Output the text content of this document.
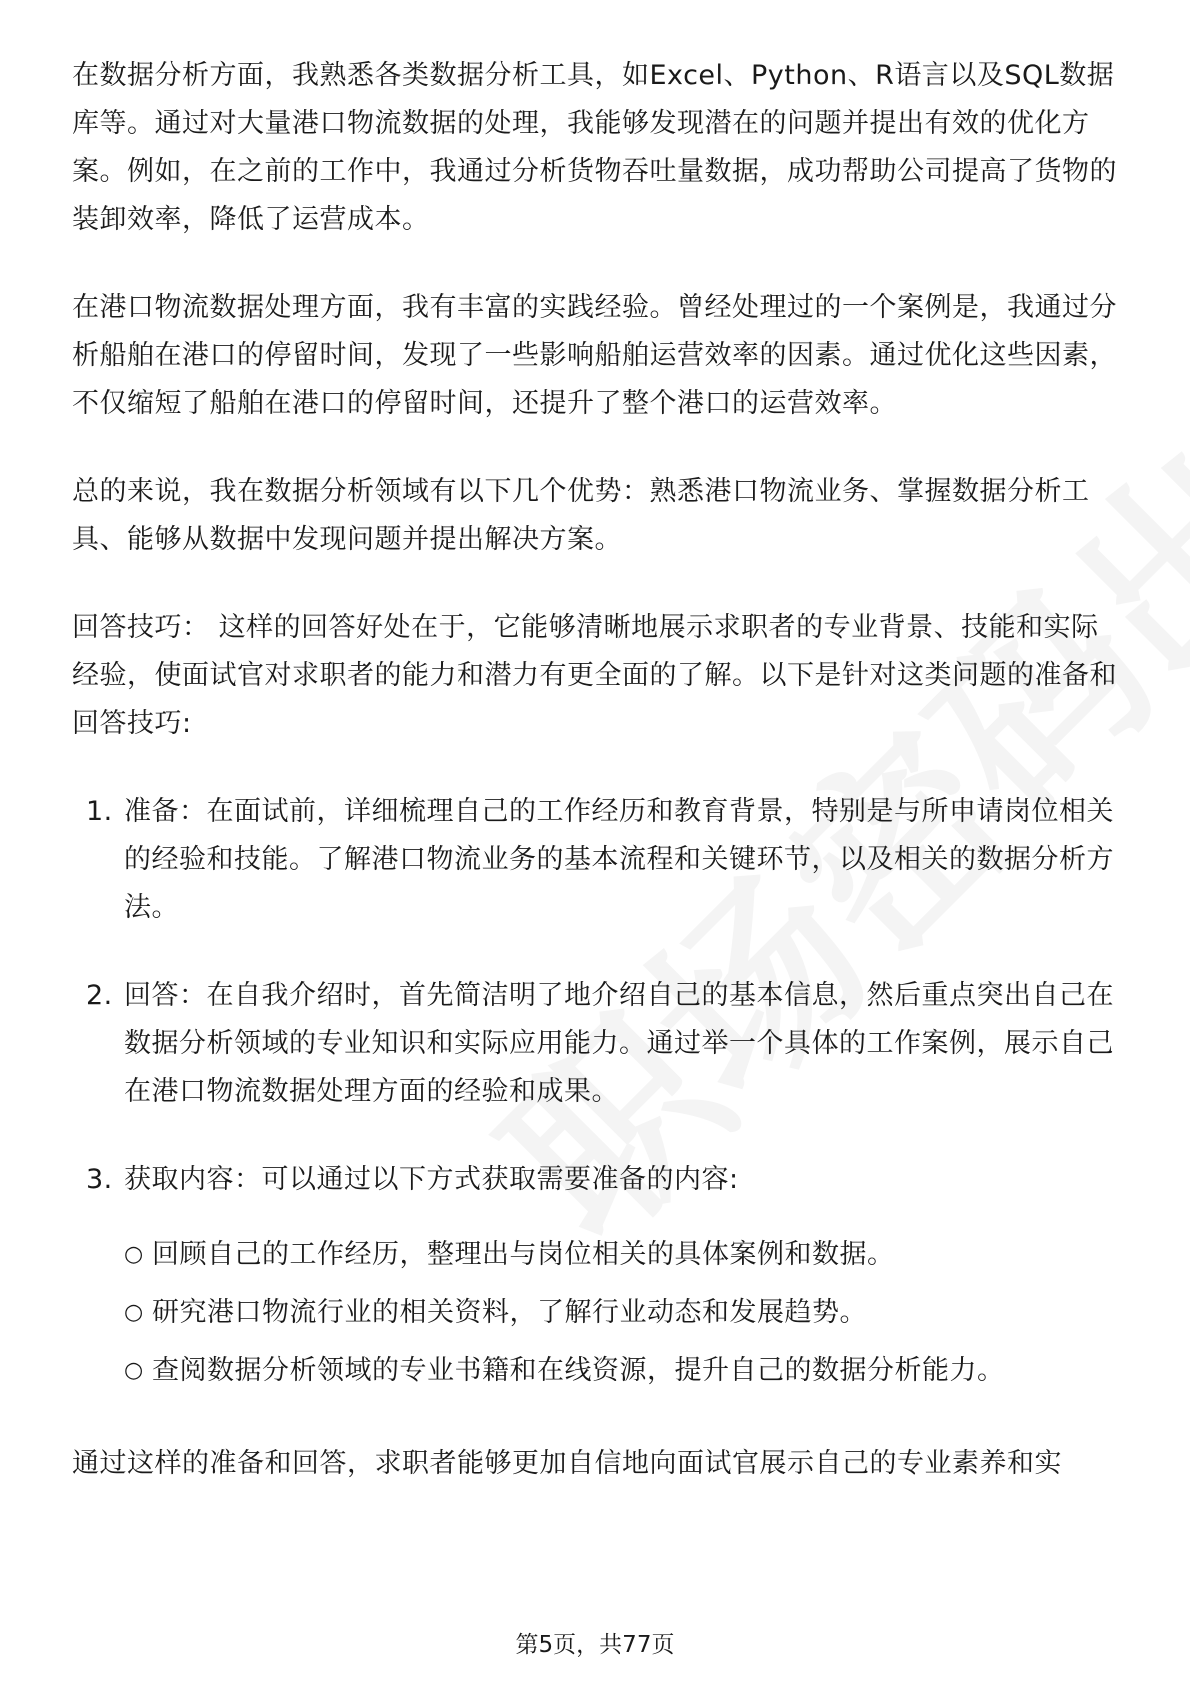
在数据分析方面，我熟悉各类数据分析工具，如Excel、Python、R语言以及SQL数据库等。通过对大量港口物流数据的处理，我能够发现潜在的问题并提出有效的优化方案。例如，在之前的工作中，我通过分析货物吞吐量数据，成功帮助公司提高了货物的装卸效率，降低了运营成本。

在港口物流数据处理方面，我有丰富的实践经验。曾经处理过的一个案例是，我通过分析船舶在港口的停留时间，发现了一些影响船舶运营效率的因素。通过优化这些因素，不仅缩短了船舶在港口的停留时间，还提升了整个港口的运营效率。

总的来说，我在数据分析领域有以下几个优势：熟悉港口物流业务、掌握数据分析工具、能够从数据中发现问题并提出解决方案。

回答技巧： 这样的回答好处在于，它能够清晰地展示求职者的专业背景、技能和实际经验，使面试官对求职者的能力和潜力有更全面的了解。以下是针对这类问题的准备和回答技巧:

1. 准备：在面试前，详细梳理自己的工作经历和教育背景，特别是与所申请岗位相关的经验和技能。了解港口物流业务的基本流程和关键环节，以及相关的数据分析方法。
2. 回答：在自我介绍时，首先简洁明了地介绍自己的基本信息，然后重点突出自己在数据分析领域的专业知识和实际应用能力。通过举一个具体的工作案例，展示自己在港口物流数据处理方面的经验和成果。
3. 获取内容：可以通过以下方式获取需要准备的内容:
○ 回顾自己的工作经历，整理出与岗位相关的具体案例和数据。
○ 研究港口物流行业的相关资料，了解行业动态和发展趋势。
○ 查阅数据分析领域的专业书籍和在线资源，提升自己的数据分析能力。

通过这样的准备和回答，求职者能够更加自信地向面试官展示自己的专业素养和实

第5页，共77页
